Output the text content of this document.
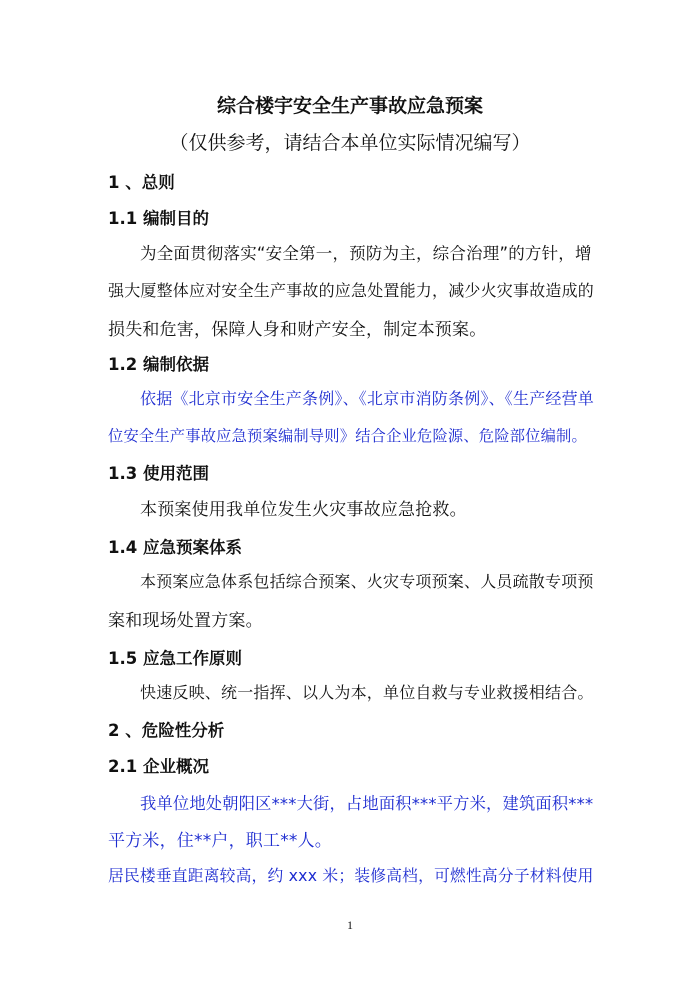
综合楼宇安全生产事故应急预案
（仅供参考，请结合本单位实际情况编写）
1 、总则
1.1 编制目的
为全面贯彻落实“安全第一，预防为主，综合治理”的方针，增
强大厦整体应对安全生产事故的应急处置能力，减少火灾事故造成的
损失和危害，保障人身和财产安全，制定本预案。
1.2 编制依据
依据《北京市安全生产条例》、《北京市消防条例》、《生产经营单
位安全生产事故应急预案编制导则》结合企业危险源、危险部位编制。
1.3 使用范围
本预案使用我单位发生火灾事故应急抢救。
1.4 应急预案体系
本预案应急体系包括综合预案、火灾专项预案、人员疏散专项预
案和现场处置方案。
1.5 应急工作原则
快速反映、统一指挥、以人为本，单位自救与专业救援相结合。
2 、危险性分析
2.1 企业概况
我单位地处朝阳区***大街，占地面积***平方米，建筑面积***
平方米，住**户，职工**人。
居民楼垂直距离较高，约 xxx 米；装修高档，可燃性高分子材料使用
1
